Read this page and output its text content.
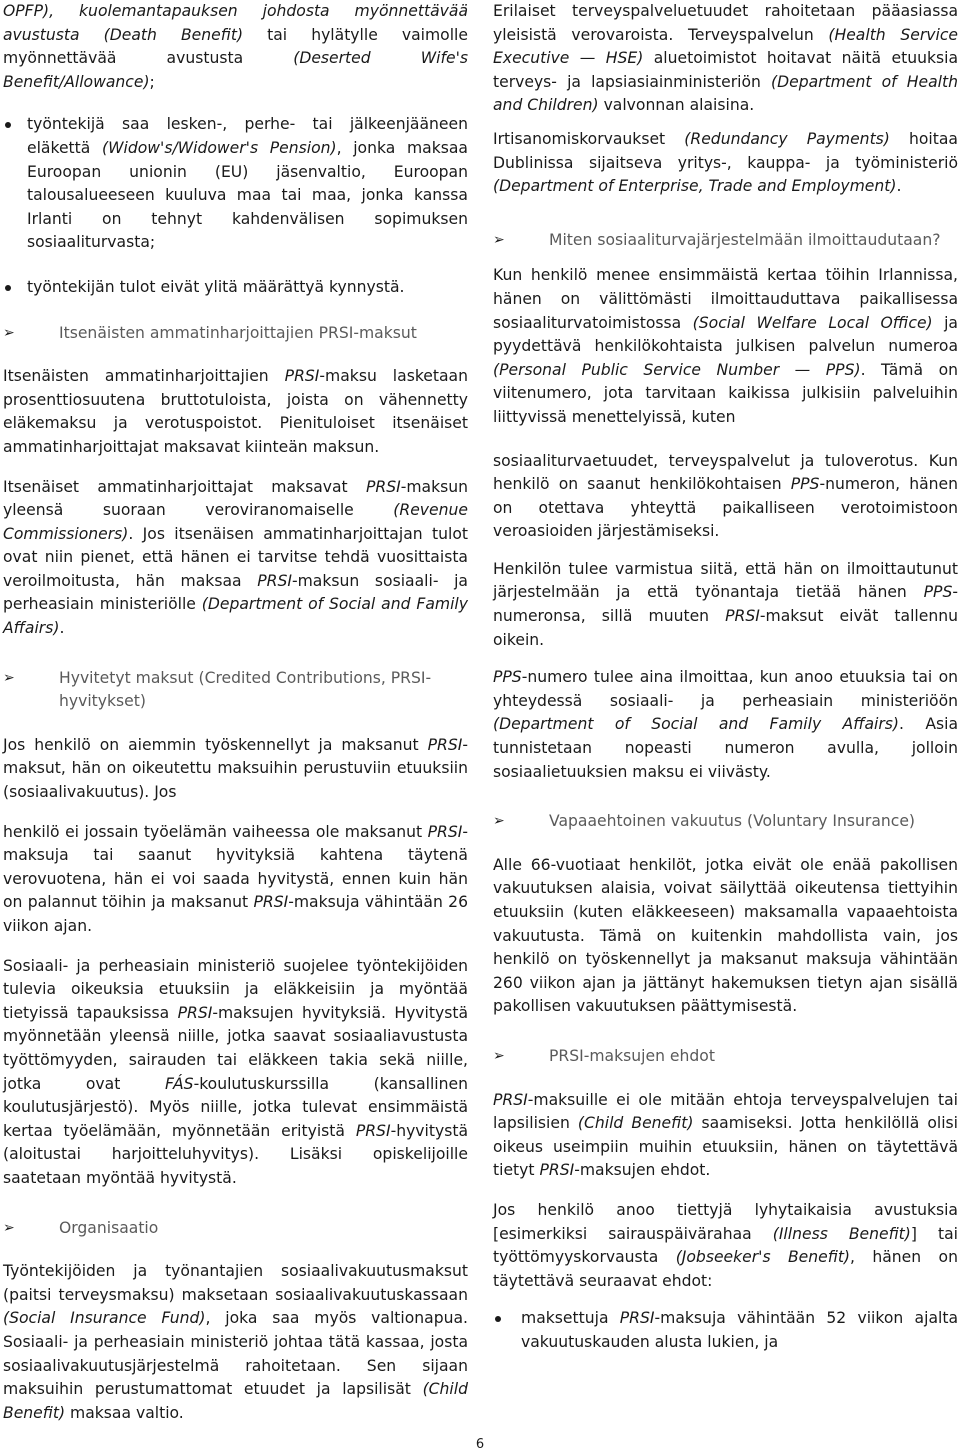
OPFP), kuolemantapauksen johdosta myönnettävää avustusta (Death Benefit) tai hylätylle vaimolle myönnettävää avustusta (Deserted Wife's Benefit/Allowance);

työntekijä saa lesken-, perhe- tai jälkeenjääneen eläkettä (Widow's/Widower's Pension), jonka maksaa Euroopan unionin (EU) jäsenvaltio, Euroopan talousalueeseen kuuluva maa tai maa, jonka kanssa Irlanti on tehnyt kahdenvälisen sopimuksen sosiaaliturvasta;

työntekijän tulot eivät ylitä määrättyä kynnystä.

➢	Itsenäisten ammatinharjoittajien PRSI-maksut

Itsenäisten ammatinharjoittajien PRSI-maksu lasketaan prosenttiosuutena bruttotuloista, joista on vähennetty eläkemaksu ja verotuspoistot. Pienituloiset itsenäiset ammatinharjoittajat maksavat kiinteän maksun.

Itsenäiset ammatinharjoittajat maksavat PRSI-maksun yleensä suoraan veroviranomaiselle (Revenue Commissioners). Jos itsenäisen ammatinharjoittajan tulot ovat niin pienet, että hänen ei tarvitse tehdä vuosittaista veroilmoitusta, hän maksaa PRSI-maksun sosiaali- ja perheasiain ministeriölle (Department of Social and Family Affairs).

➢	Hyvitetyt maksut (Credited Contributions, PRSI-hyvitykset)

Jos henkilö on aiemmin työskennellyt ja maksanut PRSI-maksut, hän on oikeutettu maksuihin perustuviin etuuksiin (sosiaalivakuutus). Jos

henkilö ei jossain työelämän vaiheessa ole maksanut PRSI-maksuja tai saanut hyvityksiä kahtena täytenä verovuotena, hän ei voi saada hyvitystä, ennen kuin hän on palannut töihin ja maksanut PRSI-maksuja vähintään 26 viikon ajan.

Sosiaali- ja perheasiain ministeriö suojelee työntekijöiden tulevia oikeuksia etuuksiin ja eläkkeisiin ja myöntää tietyissä tapauksissa PRSI-maksujen hyvityksiä. Hyvitystä myönnetään yleensä niille, jotka saavat sosiaaliavustusta työttömyyden, sairauden tai eläkkeen takia sekä niille, jotka ovat FÁS-koulutuskurssilla (kansallinen koulutusjärjestö). Myös niille, jotka tulevat ensimmäistä kertaa työelämään, myönnetään erityistä PRSI-hyvitystä (aloitustai harjoitteluhyvitys). Lisäksi opiskelijoille saatetaan myöntää hyvitystä.

➢	Organisaatio

Työntekijöiden ja työnantajien sosiaalivakuutusmaksut (paitsi terveysmaksu) maksetaan sosiaalivakuutuskassaan (Social Insurance Fund), joka saa myös valtionapua. Sosiaali- ja perheasiain ministeriö johtaa tätä kassaa, josta sosiaalivakuutusjärjestelmä rahoitetaan. Sen sijaan maksuihin perustumattomat etuudet ja lapsilisät (Child Benefit) maksaa valtio.

Erilaiset terveyspalveluetuudet rahoitetaan pääasiassa yleisistä verovaroista. Terveyspalvelun (Health Service Executive — HSE) aluetoimistot hoitavat näitä etuuksia terveys- ja lapsiasiainministeriön (Department of Health and Children) valvonnan alaisina.

Irtisanomiskorvaukset (Redundancy Payments) hoitaa Dublinissa sijaitseva yritys-, kauppa- ja työministeriö (Department of Enterprise, Trade and Employment).

➢	Miten sosiaaliturvajärjestelmään ilmoittaudutaan?

Kun henkilö menee ensimmäistä kertaa töihin Irlannissa, hänen on välittömästi ilmoittauduttava paikallisessa sosiaaliturvatoimistossa (Social Welfare Local Office) ja pyydettävä henkilökohtaista julkisen palvelun numeroa (Personal Public Service Number — PPS). Tämä on viitenumero, jota tarvitaan kaikissa julkisiin palveluihin liittyvissä menettelyissä, kuten

sosiaaliturvaetuudet, terveyspalvelut ja tuloverotus. Kun henkilö on saanut henkilökohtaisen PPS-numeron, hänen on otettava yhteyttä paikalliseen verotoimistoon veroasioiden järjestämiseksi.

Henkilön tulee varmistua siitä, että hän on ilmoittautunut järjestelmään ja että työnantaja tietää hänen PPS-numeronsa, sillä muuten PRSI-maksut eivät tallennu oikein.

PPS-numero tulee aina ilmoittaa, kun anoo etuuksia tai on yhteydessä sosiaali- ja perheasiain ministeriöön (Department of Social and Family Affairs). Asia tunnistetaan nopeasti numeron avulla, jolloin sosiaalietuuksien maksu ei viivästy.

➢	Vapaaehtoinen vakuutus (Voluntary Insurance)

Alle 66-vuotiaat henkilöt, jotka eivät ole enää pakollisen vakuutuksen alaisia, voivat säilyttää oikeutensa tiettyihin etuuksiin (kuten eläkkeeseen) maksamalla vapaaehtoista vakuutusta. Tämä on kuitenkin mahdollista vain, jos henkilö on työskennellyt ja maksanut maksuja vähintään 260 viikon ajan ja jättänyt hakemuksen tietyn ajan sisällä pakollisen vakuutuksen päättymisestä.

➢	PRSI-maksujen ehdot

PRSI-maksuille ei ole mitään ehtoja terveyspalvelujen tai lapsilisien (Child Benefit) saamiseksi. Jotta henkilöllä olisi oikeus useimpiin muihin etuuksiin, hänen on täytettävä tietyt PRSI-maksujen ehdot.

Jos henkilö anoo tiettyjä lyhytaikaisia avustuksia [esimerkiksi sairauspäivärahaa (Illness Benefit)] tai työttömyyskorvausta (Jobseeker's Benefit), hänen on täytettävä seuraavat ehdot:

maksettuja PRSI-maksuja vähintään 52 viikon ajalta vakuutuskauden alusta lukien, ja

6
